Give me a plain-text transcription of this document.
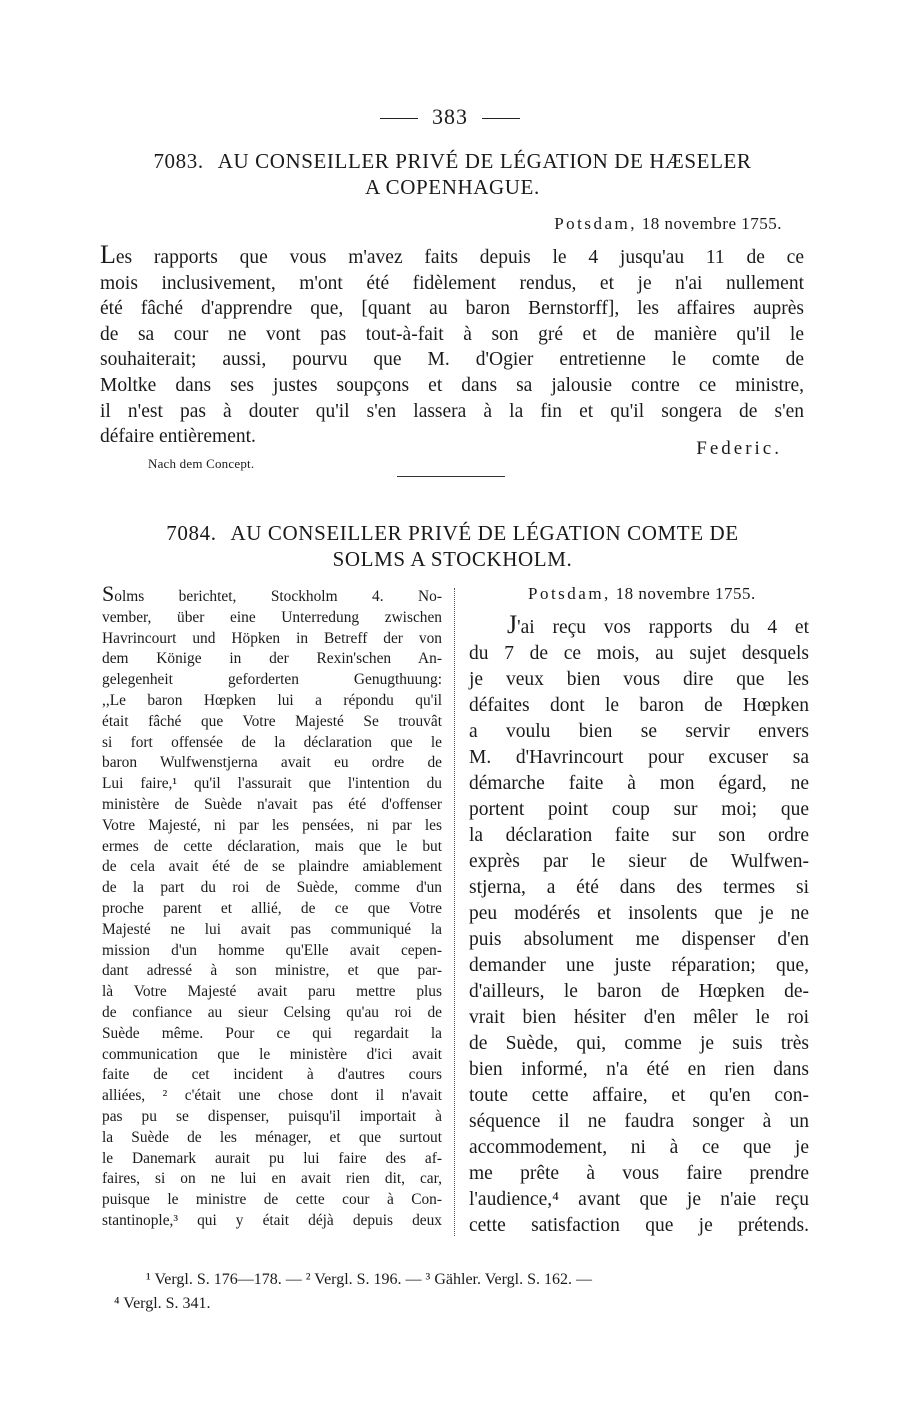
383
7083. AU CONSEILLER PRIVÉ DE LÉGATION DE HÆSELER
A COPENHAGUE.
Potsdam, 18 novembre 1755.
Les rapports que vous m'avez faits depuis le 4 jusqu'au 11 de ce
mois inclusivement, m'ont été fidèlement rendus, et je n'ai nullement
été fâché d'apprendre que, [quant au baron Bernstorff], les affaires auprès
de sa cour ne vont pas tout-à-fait à son gré et de manière qu'il le
souhaiterait; aussi, pourvu que M. d'Ogier entretienne le comte de
Moltke dans ses justes soupçons et dans sa jalousie contre ce ministre,
il n'est pas à douter qu'il s'en lassera à la fin et qu'il songera de s'en
défaire entièrement.
Federic.
Nach dem Concept.
7084. AU CONSEILLER PRIVÉ DE LÉGATION COMTE DE
SOLMS A STOCKHOLM.
Solms berichtet, Stockholm 4. No-
vember, über eine Unterredung zwischen
Havrincourt und Höpken in Betreff der von
dem Könige in der Rexin'schen An-
gelegenheit geforderten Genugthuung:
,,Le baron Hœpken lui a répondu qu'il
était fâché que Votre Majesté Se trouvât
si fort offensée de la déclaration que le
baron Wulfwenstjerna avait eu ordre de
Lui faire,¹ qu'il l'assurait que l'intention du
ministère de Suède n'avait pas été d'offenser
Votre Majesté, ni par les pensées, ni par les
ermes de cette déclaration, mais que le but
de cela avait été de se plaindre amiablement
de la part du roi de Suède, comme d'un
proche parent et allié, de ce que Votre
Majesté ne lui avait pas communiqué la
mission d'un homme qu'Elle avait cepen-
dant adressé à son ministre, et que par-
là Votre Majesté avait paru mettre plus
de confiance au sieur Celsing qu'au roi de
Suède même. Pour ce qui regardait la
communication que le ministère d'ici avait
faite de cet incident à d'autres cours
alliées, ² c'était une chose dont il n'avait
pas pu se dispenser, puisqu'il importait à
la Suède de les ménager, et que surtout
le Danemark aurait pu lui faire des af-
faires, si on ne lui en avait rien dit, car,
puisque le ministre de cette cour à Con-
stantinople,³ qui y était déjà depuis deux
Potsdam, 18 novembre 1755.
J'ai reçu vos rapports du 4 et
du 7 de ce mois, au sujet desquels
je veux bien vous dire que les
défaites dont le baron de Hœpken
a voulu bien se servir envers
M. d'Havrincourt pour excuser sa
démarche faite à mon égard, ne
portent point coup sur moi; que
la déclaration faite sur son ordre
exprès par le sieur de Wulfwen-
stjerna, a été dans des termes si
peu modérés et insolents que je ne
puis absolument me dispenser d'en
demander une juste réparation; que,
d'ailleurs, le baron de Hœpken de-
vrait bien hésiter d'en mêler le roi
de Suède, qui, comme je suis très
bien informé, n'a été en rien dans
toute cette affaire, et qu'en con-
séquence il ne faudra songer à un
accommodement, ni à ce que je
me prête à vous faire prendre
l'audience,⁴ avant que je n'aie reçu
cette satisfaction que je prétends.
¹ Vergl. S. 176—178. — ² Vergl. S. 196. — ³ Gähler. Vergl. S. 162. —
⁴ Vergl. S. 341.
